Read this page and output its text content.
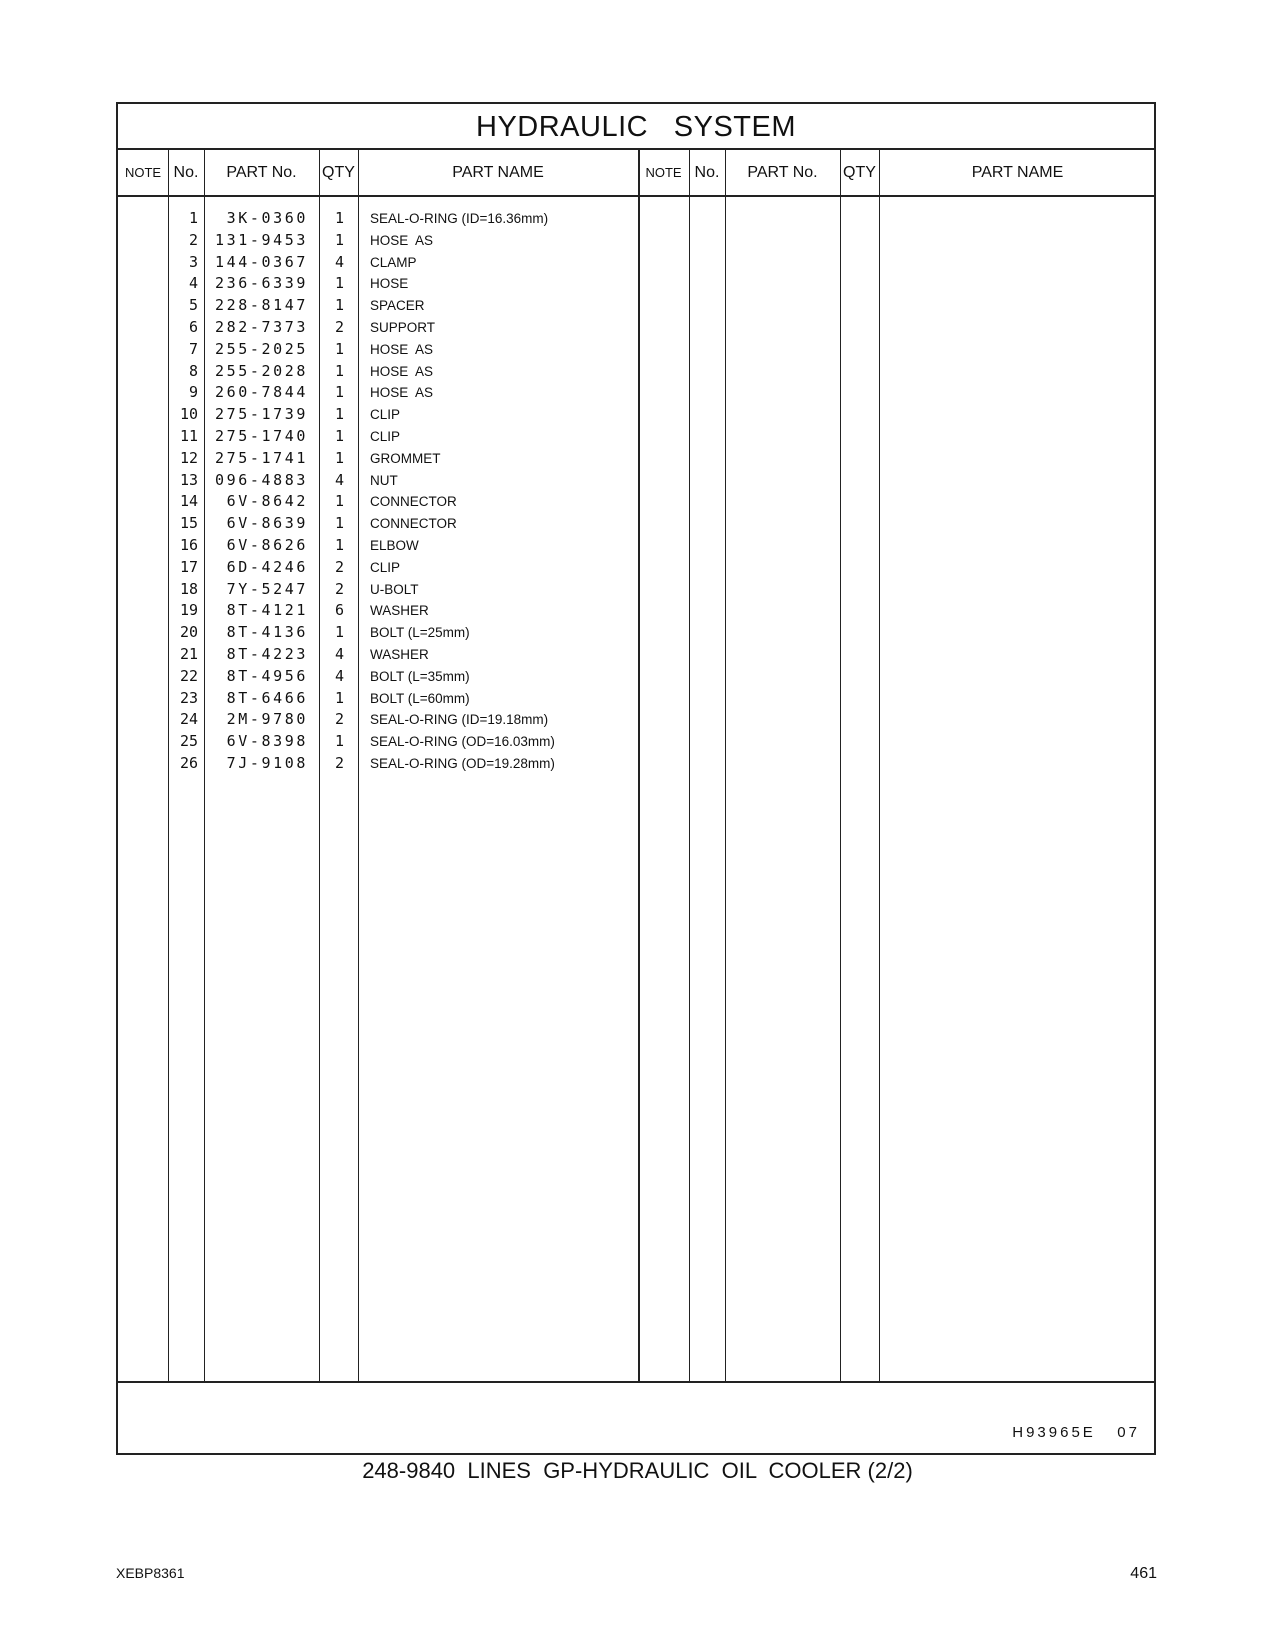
HYDRAULIC   SYSTEM
NOTE No.	PART No.	QTY	PART NAME	NOTE No.	PART No.	QTY	PART NAME
1	3K-0360	1 SEAL-O-RING (ID=16.36mm)
2	131-9453	1 HOSE  AS
3	144-0367	4 CLAMP
4	236-6339	1 HOSE
5	228-8147	1 SPACER
6	282-7373	2 SUPPORT
7	255-2025	1 HOSE  AS
8	255-2028	1 HOSE  AS
9	260-7844	1 HOSE  AS
10	275-1739	1 CLIP
11	275-1740	1 CLIP
12	275-1741	1 GROMMET
13	096-4883	4 NUT
14	6V-8642	1 CONNECTOR
15	6V-8639	1 CONNECTOR
16	6V-8626	1 ELBOW
17	6D-4246	2 CLIP
18	7Y-5247	2 U-BOLT
19	8T-4121	6 WASHER
20	8T-4136	1 BOLT (L=25mm)
21	8T-4223	4 WASHER
22	8T-4956	4 BOLT (L=35mm)
23	8T-6466	1 BOLT (L=60mm)
24	2M-9780	2 SEAL-O-RING (ID=19.18mm)
25	6V-8398	1 SEAL-O-RING (OD=16.03mm)
26	7J-9108	2 SEAL-O-RING (OD=19.28mm)
H93965E   07
248-9840  LINES  GP-HYDRAULIC  OIL  COOLER (2/2)
XEBP8361	461
